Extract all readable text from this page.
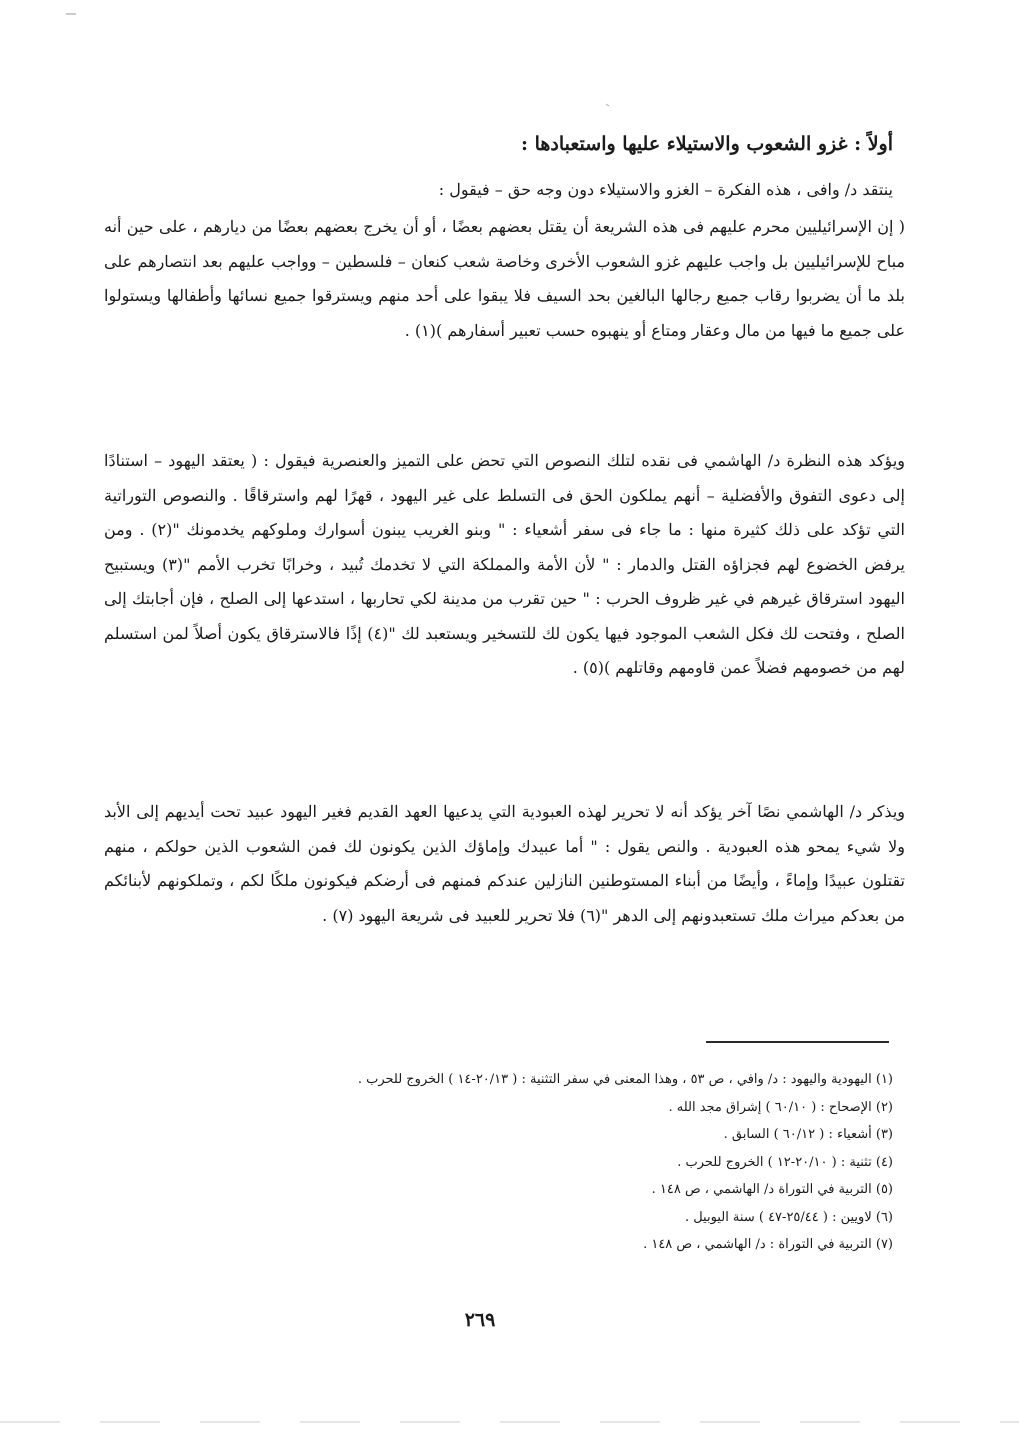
أولاً : غزو الشعوب والاستيلاء عليها واستعبادها :
ينتقد د/ وافى ، هذه الفكرة – الغزو والاستيلاء دون وجه حق – فيقول :

( إن الإسرائيليين محرم عليهم فى هذه الشريعة أن يقتل بعضهم بعضًا ، أو أن يخرج بعضهم بعضًا من ديارهم ، على حين أنه مباح للإسرائيليين بل واجب عليهم غزو الشعوب الأخرى وخاصة شعب كنعان – فلسطين – وواجب عليهم بعد انتصارهم على بلد ما أن يضربوا رقاب جميع رجالها البالغين بحد السيف فلا يبقوا على أحد منهم ويسترقوا جميع نسائها وأطفالها ويستولوا على جميع ما فيها من مال وعقار ومتاع أو ينهبوه حسب تعبير أسفارهم )(١) .

ويؤكد هذه النظرة د/ الهاشمي فى نقده لتلك النصوص التي تحض على التميز والعنصرية فيقول : ( يعتقد اليهود – استنادًا إلى دعوى التفوق والأفضلية – أنهم يملكون الحق فى التسلط على غير اليهود ، قهرًا لهم واسترقاقًا . والنصوص التوراتية التي تؤكد على ذلك كثيرة منها : ما جاء فى سفر أشعياء : " وبنو الغريب يبنون أسوارك وملوكهم يخدمونك "(٢) . ومن يرفض الخضوع لهم فجزاؤه القتل والدمار : " لأن الأمة والمملكة التي لا تخدمك تُبيد ، وخرابًا تخرب الأمم "(٣) ويستبيح اليهود استرقاق غيرهم في غير ظروف الحرب : " حين تقرب من مدينة لكي تحاربها ، استدعها إلى الصلح ، فإن أجابتك إلى الصلح ، وفتحت لك فكل الشعب الموجود فيها يكون لك للتسخير ويستعبد لك "(٤) إذًا فالاسترقاق يكون أصلاً لمن استسلم لهم من خصومهم فضلاً عمن قاومهم وقاتلهم )(٥) .

ويذكر د/ الهاشمي نصًا آخر يؤكد أنه لا تحرير لهذه العبودية التي يدعيها العهد القديم فغير اليهود عبيد تحت أيديهم إلى الأبد ولا شيء يمحو هذه العبودية . والنص يقول : " أما عبيدك وإماؤك الذين يكونون لك فمن الشعوب الذين حولكم ، منهم تقتلون عبيدًا وإماءً ، وأيضًا من أبناء المستوطنين النازلين عندكم فمنهم فى أرضكم فيكونون ملكًا لكم ، وتملكونهم لأبنائكم من بعدكم ميراث ملك تستعبدونهم إلى الدهر "(٦) فلا تحرير للعبيد فى شريعة اليهود (٧) .

(١) اليهودية واليهود : د/ وافي ، ص ٥٣ ، وهذا المعنى في سفر التثنية : ( ٢٠/١٣-١٤ ) الخروج للحرب .
(٢) الإصحاح : ( ٦٠/١٠ ) إشراق مجد الله .
(٣) أشعياء : ( ٦٠/١٢ ) السابق .
(٤) تثنية : ( ٢٠/١٠-١٢ ) الخروج للحرب .
(٥) التربية في التوراة د/ الهاشمي ، ص ١٤٨ .
(٦) لاويين : ( ٢٥/٤٤-٤٧ ) سنة اليوبيل .
(٧) التربية في التوراة : د/ الهاشمي ، ص ١٤٨ .
٢٦٩
